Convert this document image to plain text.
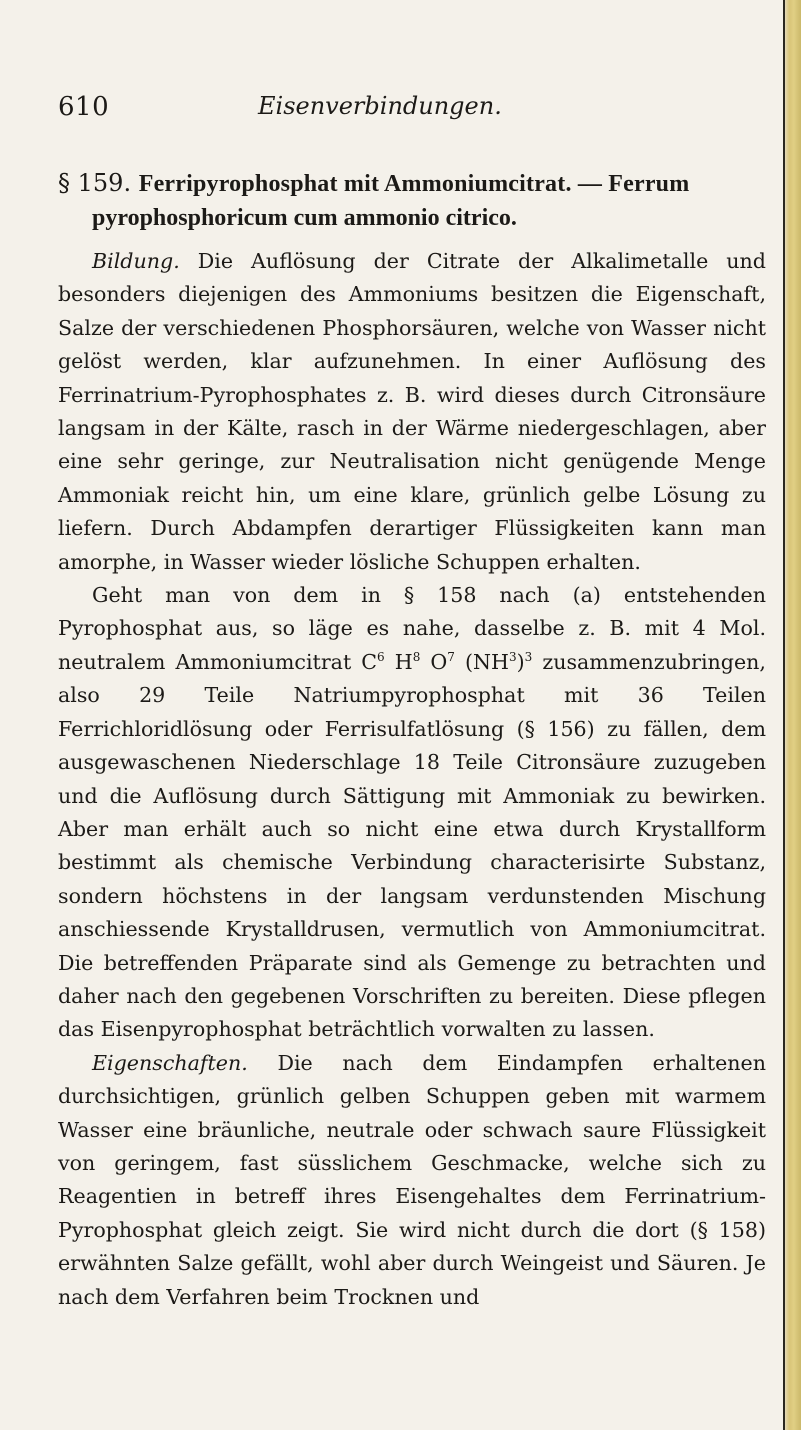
610	Eisenverbindungen.
§ 159. Ferripyrophosphat mit Ammoniumcitrat. — Ferrum
pyrophosphoricum cum ammonio citrico.

Bildung. Die Auflösung der Citrate der Alkalimetalle und besonders diejenigen des Ammoniums besitzen die Eigenschaft, Salze der verschiedenen Phosphorsäuren, welche von Wasser nicht gelöst werden, klar aufzunehmen. In einer Auflösung des Ferrinatrium-Pyrophosphates z. B. wird dieses durch Citronsäure langsam in der Kälte, rasch in der Wärme niedergeschlagen, aber eine sehr geringe, zur Neutralisation nicht genügende Menge Ammoniak reicht hin, um eine klare, grünlich gelbe Lösung zu liefern. Durch Abdampfen derartiger Flüssigkeiten kann man amorphe, in Wasser wieder lösliche Schuppen erhalten.

Geht man von dem in § 158 nach (a) entstehenden Pyrophosphat aus, so läge es nahe, dasselbe z. B. mit 4 Mol. neutralem Ammoniumcitrat $C^6$ $H^8$ $O^7$ $(NH^3)^3$ zusammenzubringen, also 29 Teile Natriumpyrophosphat mit 36 Teilen Ferrichloridlösung oder Ferrisulfatlösung (§ 156) zu fällen, dem ausgewaschenen Niederschlage 18 Teile Citronsäure zuzugeben und die Auflösung durch Sättigung mit Ammoniak zu bewirken. Aber man erhält auch so nicht eine etwa durch Krystallform bestimmt als chemische Verbindung characterisirte Substanz, sondern höchstens in der langsam verdunstenden Mischung anschiessende Krystalldrusen, vermutlich von Ammoniumcitrat. Die betreffenden Präparate sind als Gemenge zu betrachten und daher nach den gegebenen Vorschriften zu bereiten. Diese pflegen das Eisenpyrophosphat beträchtlich vorwalten zu lassen.

Eigenschaften. Die nach dem Eindampfen erhaltenen durchsichtigen, grünlich gelben Schuppen geben mit warmem Wasser eine bräunliche, neutrale oder schwach saure Flüssigkeit von geringem, fast süsslichem Geschmacke, welche sich zu Reagentien in betreff ihres Eisengehaltes dem Ferrinatrium-Pyrophosphat gleich zeigt. Sie wird nicht durch die dort (§ 158) erwähnten Salze gefällt, wohl aber durch Weingeist und Säuren. Je nach dem Verfahren beim Trocknen und
